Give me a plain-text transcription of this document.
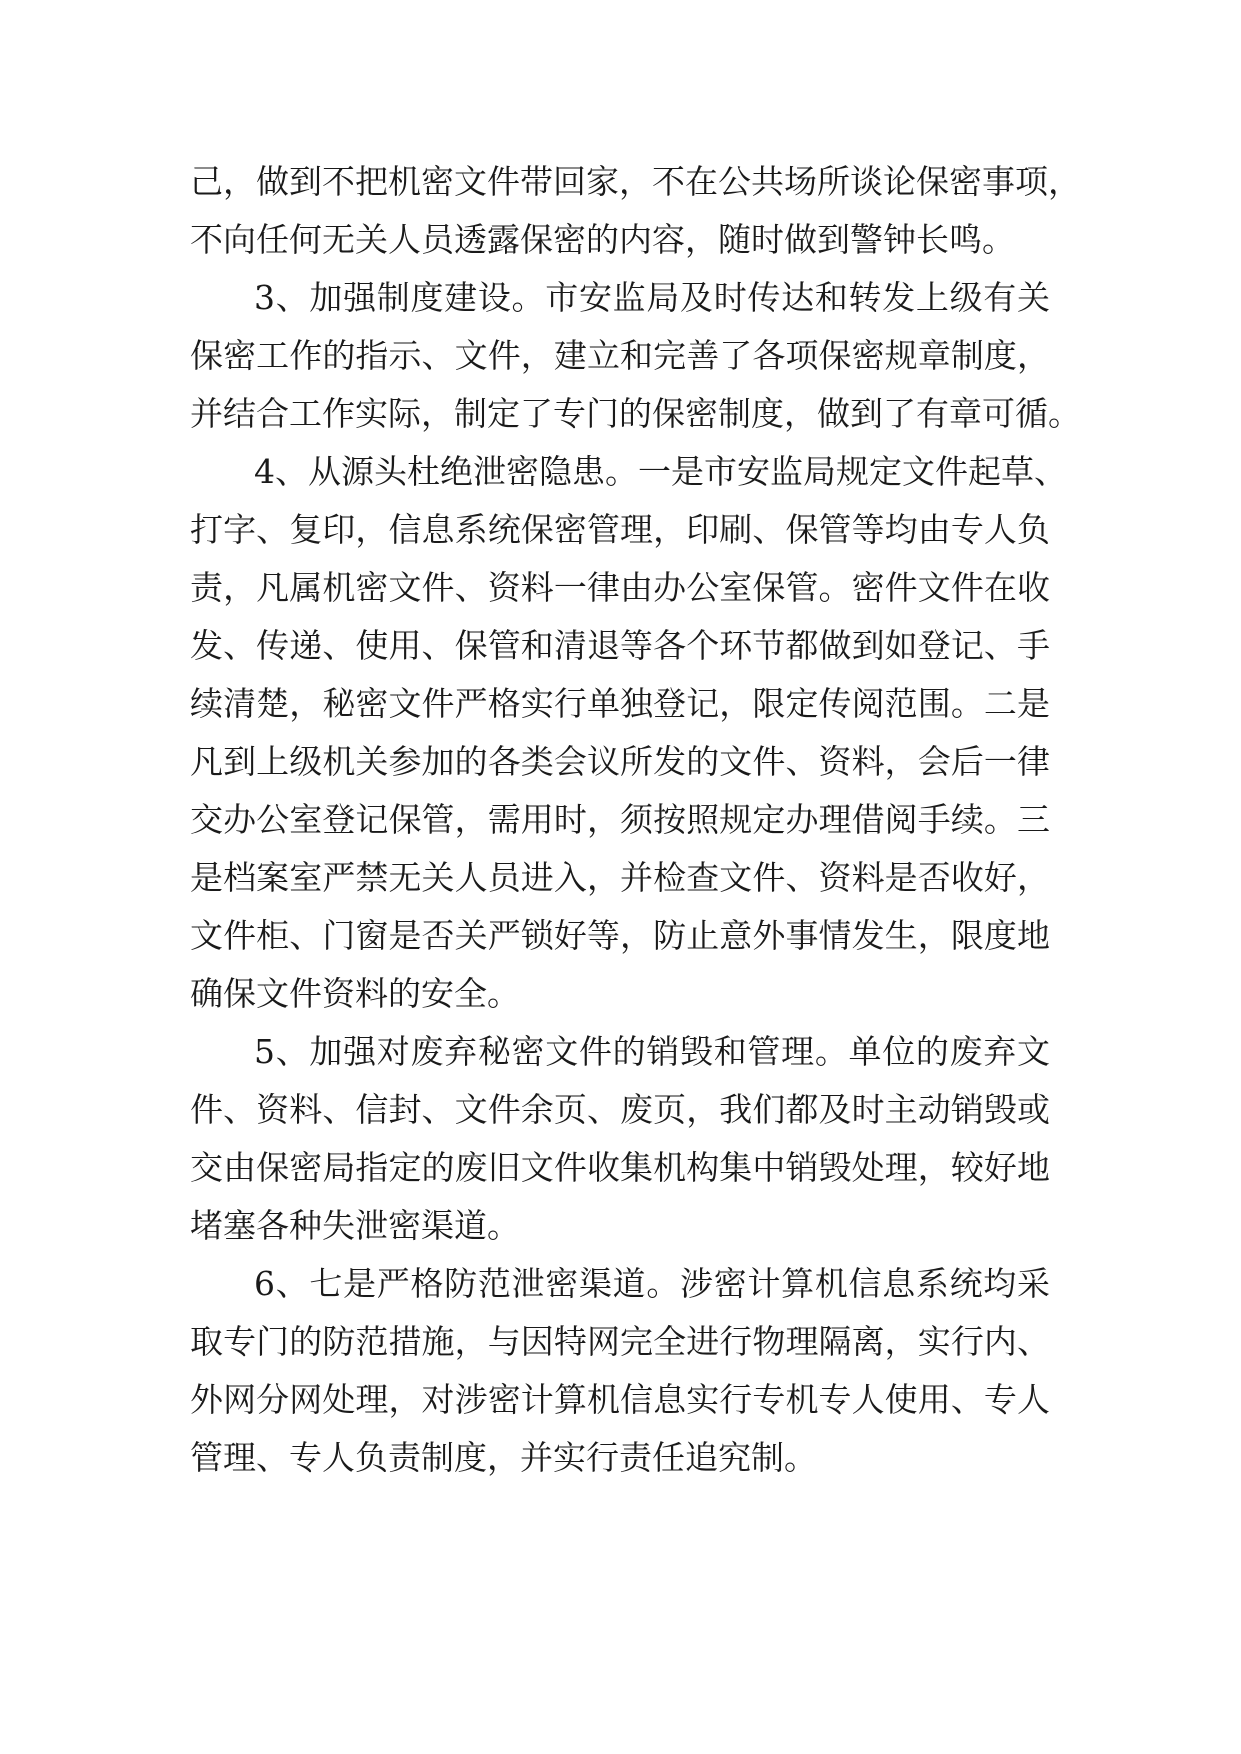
己，做到不把机密文件带回家，不在公共场所谈论保密事项，
不向任何无关人员透露保密的内容，随时做到警钟长鸣。
3、加强制度建设。市安监局及时传达和转发上级有关
保密工作的指示、文件，建立和完善了各项保密规章制度，
并结合工作实际，制定了专门的保密制度，做到了有章可循。
4、从源头杜绝泄密隐患。一是市安监局规定文件起草、
打字、复印，信息系统保密管理，印刷、保管等均由专人负
责，凡属机密文件、资料一律由办公室保管。密件文件在收
发、传递、使用、保管和清退等各个环节都做到如登记、手
续清楚，秘密文件严格实行单独登记，限定传阅范围。二是
凡到上级机关参加的各类会议所发的文件、资料，会后一律
交办公室登记保管，需用时，须按照规定办理借阅手续。三
是档案室严禁无关人员进入，并检查文件、资料是否收好，
文件柜、门窗是否关严锁好等，防止意外事情发生，限度地
确保文件资料的安全。
5、加强对废弃秘密文件的销毁和管理。单位的废弃文
件、资料、信封、文件余页、废页，我们都及时主动销毁或
交由保密局指定的废旧文件收集机构集中销毁处理，较好地
堵塞各种失泄密渠道。
6、七是严格防范泄密渠道。涉密计算机信息系统均采
取专门的防范措施，与因特网完全进行物理隔离，实行内、
外网分网处理，对涉密计算机信息实行专机专人使用、专人
管理、专人负责制度，并实行责任追究制。
